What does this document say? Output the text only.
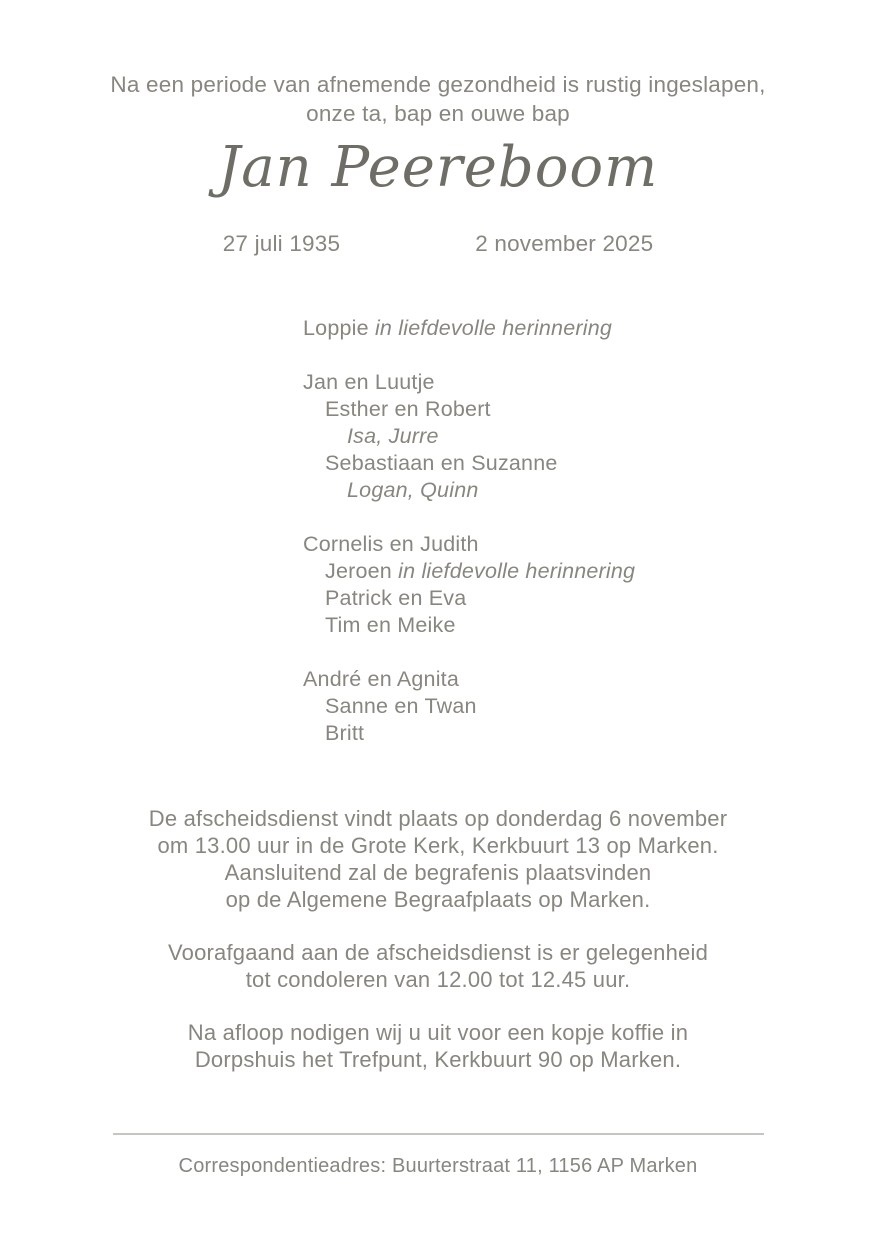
Na een periode van afnemende gezondheid is rustig ingeslapen,
onze ta, bap en ouwe bap
Jan Peereboom
27 juli 1935	2 november 2025
Loppie in liefdevolle herinnering
Jan en Luutje
Esther en Robert
Isa, Jurre
Sebastiaan en Suzanne
Logan, Quinn
Cornelis en Judith
Jeroen in liefdevolle herinnering
Patrick en Eva
Tim en Meike
André en Agnita
Sanne en Twan
Britt
De afscheidsdienst vindt plaats op donderdag 6 november
om 13.00 uur in de Grote Kerk, Kerkbuurt 13 op Marken.
Aansluitend zal de begrafenis plaatsvinden
op de Algemene Begraafplaats op Marken.
Voorafgaand aan de afscheidsdienst is er gelegenheid
tot condoleren van 12.00 tot 12.45 uur.
Na afloop nodigen wij u uit voor een kopje koffie in
Dorpshuis het Trefpunt, Kerkbuurt 90 op Marken.
Correspondentieadres: Buurterstraat 11, 1156 AP Marken
